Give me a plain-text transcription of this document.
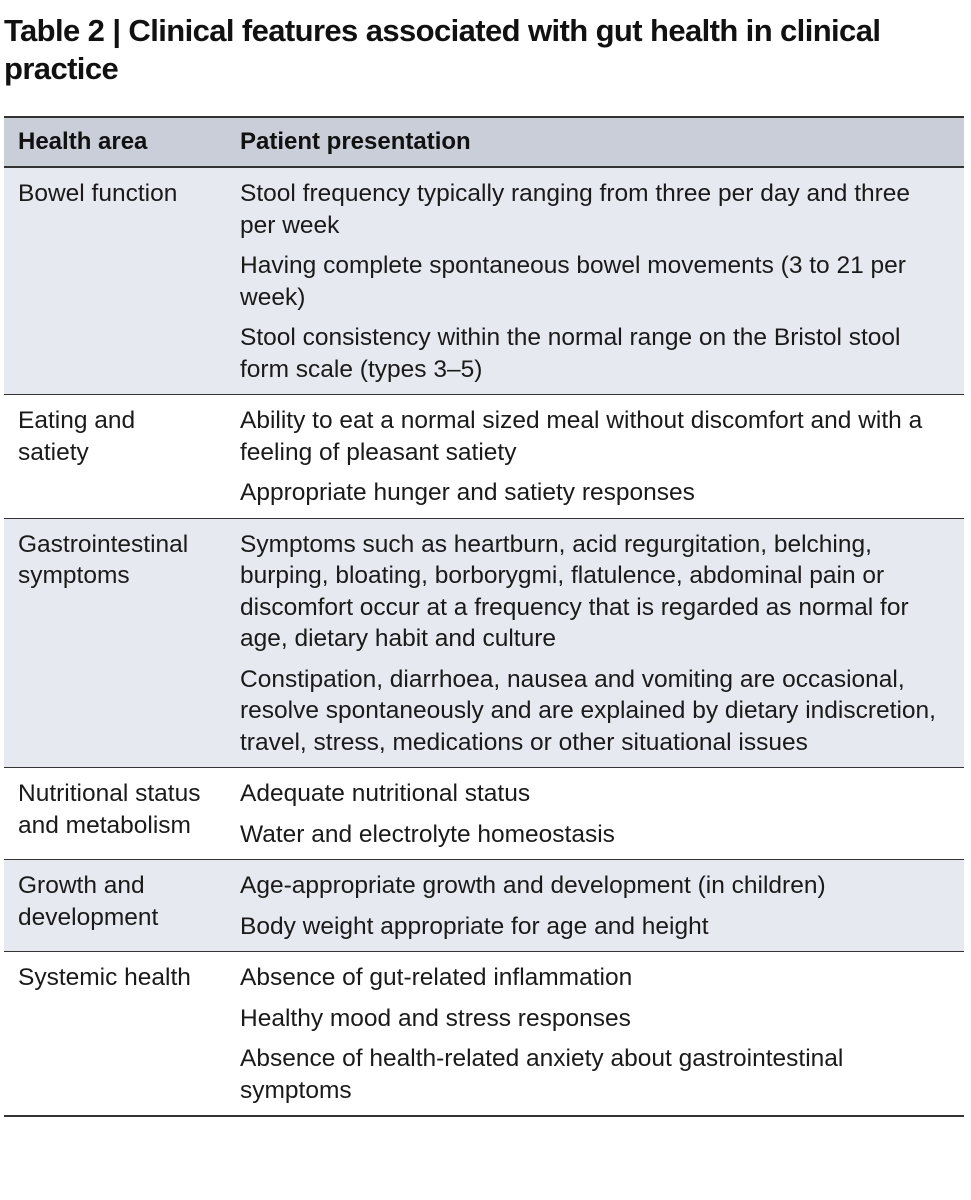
Table 2 | Clinical features associated with gut health in clinical practice
Health area	Patient presentation
Bowel function	Stool frequency typically ranging from three per day and three per week
Having complete spontaneous bowel movements (3 to 21 per week)
Stool consistency within the normal range on the Bristol stool form scale (types 3–5)

Eating and satiety	Ability to eat a normal sized meal without discomfort and with a feeling of pleasant satiety
Appropriate hunger and satiety responses

Gastrointestinal symptoms	Symptoms such as heartburn, acid regurgitation, belching, burping, bloating, borborygmi, flatulence, abdominal pain or discomfort occur at a frequency that is regarded as normal for age, dietary habit and culture
Constipation, diarrhoea, nausea and vomiting are occasional, resolve spontaneously and are explained by dietary indiscretion, travel, stress, medications or other situational issues

Nutritional status and metabolism	Adequate nutritional status
Water and electrolyte homeostasis

Growth and development	Age-appropriate growth and development (in children)
Body weight appropriate for age and height

Systemic health	Absence of gut-related inflammation
Healthy mood and stress responses
Absence of health-related anxiety about gastrointestinal symptoms
